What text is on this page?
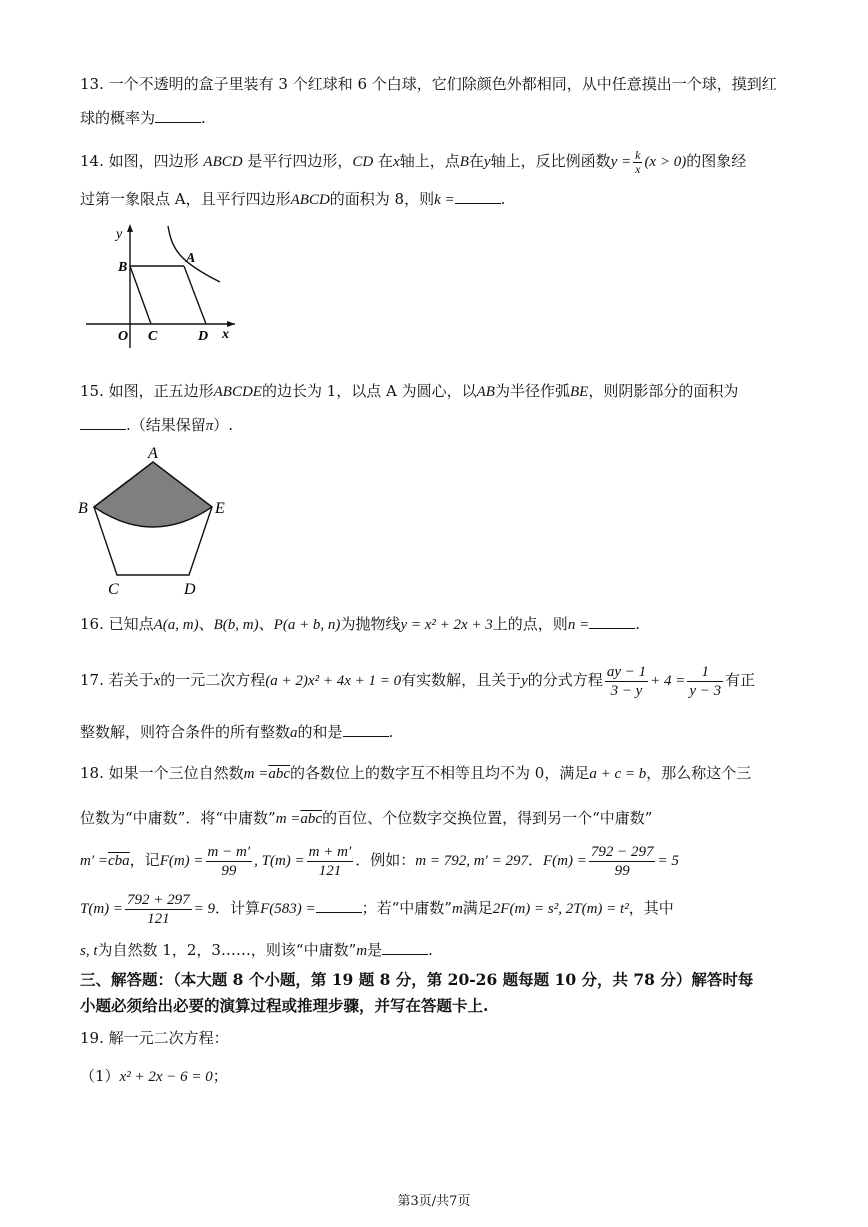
13. 一个不透明的盒子里装有 3 个红球和 6 个白球，它们除颜色外都相同，从中任意摸出一个球，摸到红
球的概率为	.
14. 如图，四边形 ABCD 是平行四边形，CD 在x轴上，点B在y轴上，反比例函数$y = \frac{k}{x} (x > 0)$的图象经
过第一象限点 A，且平行四边形ABCD的面积为 8，则k =	.
y
B
A
O C	D x
15. 如图，正五边形ABCDE的边长为 1，以点 A 为圆心，以AB为半径作弧BE，则阴影部分的面积为
.（结果保留π）.
A
B	E
C	D
16. 已知点A(a, m)、B(b, m)、P(a + b, n)为抛物线y = x² + 2x + 3上的点，则n =	.
17. 若关于x的一元二次方程(a + 2)x² + 4x + 1 = 0有实数解，且关于y的分式方程 $\frac{ay - 1}{3 - y} + 4 = \frac{1}{y - 3}$ 有正
整数解，则符合条件的所有整数a的和是	.
18. 如果一个三位自然数$m =\overline{abc}$的各数位上的数字互不相等且均不为 0，满足a + c = b，那么称这个三
位数为“中庸数”．将“中庸数”m $=\overline{abc}$的百位、个位数字交换位置，得到另一个“中庸数”
$m' =\overline{cba}$，记$F(m) = \frac{m - m'}{99}$ , $T(m) = \frac{m + m'}{121}$ ．例如：m = 792, m′ = 297．$F(m) = \frac{792 - 297}{99} = 5$
$T(m) = \frac{792 + 297}{121} = 9$．计算F(583) =	；若“中庸数”m满足2F(m) = s², 2T(m) = t²，其中
s, t为自然数 1，2，3……，则该“中庸数”m是	.
三、解答题：（本大题 8 个小题，第 19 题 8 分，第 20-26 题每题 10 分，共 78 分）解答时每
小题必须给出必要的演算过程或推理步骤，并写在答题卡上.
19. 解一元二次方程：
（1）x² + 2x − 6 = 0；
第3页/共7页
